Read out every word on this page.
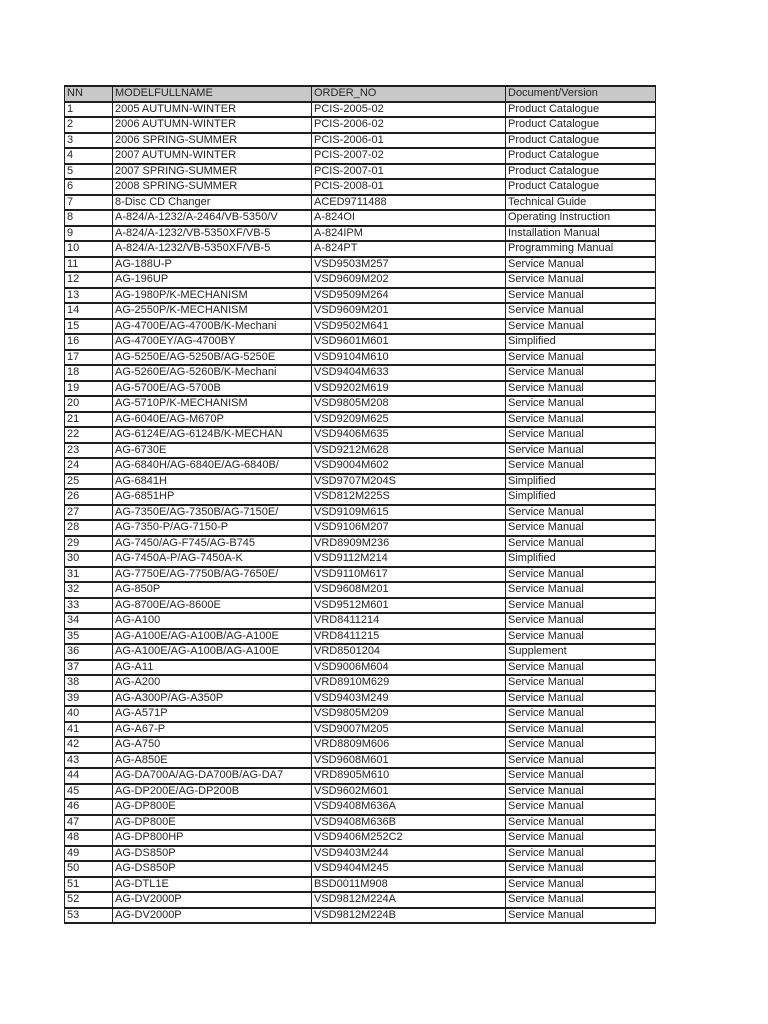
NN	MODELFULLNAME	ORDER_NO	Document/Version
1	2005 AUTUMN-WINTER	PCIS-2005-02	Product Catalogue
2	2006 AUTUMN-WINTER	PCIS-2006-02	Product Catalogue
3	2006 SPRING-SUMMER	PCIS-2006-01	Product Catalogue
4	2007 AUTUMN-WINTER	PCIS-2007-02	Product Catalogue
5	2007 SPRING-SUMMER	PCIS-2007-01	Product Catalogue
6	2008 SPRING-SUMMER	PCIS-2008-01	Product Catalogue
7	8-Disc CD Changer	ACED9711488	Technical Guide
8	A-824/A-1232/A-2464/VB-5350/V	A-824OI	Operating Instruction
9	A-824/A-1232/VB-5350XF/VB-5	A-824IPM	Installation Manual
10	A-824/A-1232/VB-5350XF/VB-5	A-824PT	Programming Manual
11	AG-188U-P	VSD9503M257	Service Manual
12	AG-196UP	VSD9609M202	Service Manual
13	AG-1980P/K-MECHANISM	VSD9509M264	Service Manual
14	AG-2550P/K-MECHANISM	VSD9609M201	Service Manual
15	AG-4700E/AG-4700B/K-Mechani	VSD9502M641	Service Manual
16	AG-4700EY/AG-4700BY	VSD9601M601	Simplified
17	AG-5250E/AG-5250B/AG-5250E	VSD9104M610	Service Manual
18	AG-5260E/AG-5260B/K-Mechani	VSD9404M633	Service Manual
19	AG-5700E/AG-5700B	VSD9202M619	Service Manual
20	AG-5710P/K-MECHANISM	VSD9805M208	Service Manual
21	AG-6040E/AG-M670P	VSD9209M625	Service Manual
22	AG-6124E/AG-6124B/K-MECHAN	VSD9406M635	Service Manual
23	AG-6730E	VSD9212M628	Service Manual
24	AG-6840H/AG-6840E/AG-6840B/	VSD9004M602	Service Manual
25	AG-6841H	VSD9707M204S	Simplified
26	AG-6851HP	VSD812M225S	Simplified
27	AG-7350E/AG-7350B/AG-7150E/	VSD9109M615	Service Manual
28	AG-7350-P/AG-7150-P	VSD9106M207	Service Manual
29	AG-7450/AG-F745/AG-B745	VRD8909M236	Service Manual
30	AG-7450A-P/AG-7450A-K	VSD9112M214	Simplified
31	AG-7750E/AG-7750B/AG-7650E/	VSD9110M617	Service Manual
32	AG-850P	VSD9608M201	Service Manual
33	AG-8700E/AG-8600E	VSD9512M601	Service Manual
34	AG-A100	VRD8411214	Service Manual
35	AG-A100E/AG-A100B/AG-A100E	VRD8411215	Service Manual
36	AG-A100E/AG-A100B/AG-A100E	VRD8501204	Supplement
37	AG-A11	VSD9006M604	Service Manual
38	AG-A200	VRD8910M629	Service Manual
39	AG-A300P/AG-A350P	VSD9403M249	Service Manual
40	AG-A571P	VSD9805M209	Service Manual
41	AG-A67-P	VSD9007M205	Service Manual
42	AG-A750	VRD8809M606	Service Manual
43	AG-A850E	VSD9608M601	Service Manual
44	AG-DA700A/AG-DA700B/AG-DA7	VRD8905M610	Service Manual
45	AG-DP200E/AG-DP200B	VSD9602M601	Service Manual
46	AG-DP800E	VSD9408M636A	Service Manual
47	AG-DP800E	VSD9408M636B	Service Manual
48	AG-DP800HP	VSD9406M252C2	Service Manual
49	AG-DS850P	VSD9403M244	Service Manual
50	AG-DS850P	VSD9404M245	Service Manual
51	AG-DTL1E	BSD0011M908	Service Manual
52	AG-DV2000P	VSD9812M224A	Service Manual
53	AG-DV2000P	VSD9812M224B	Service Manual
